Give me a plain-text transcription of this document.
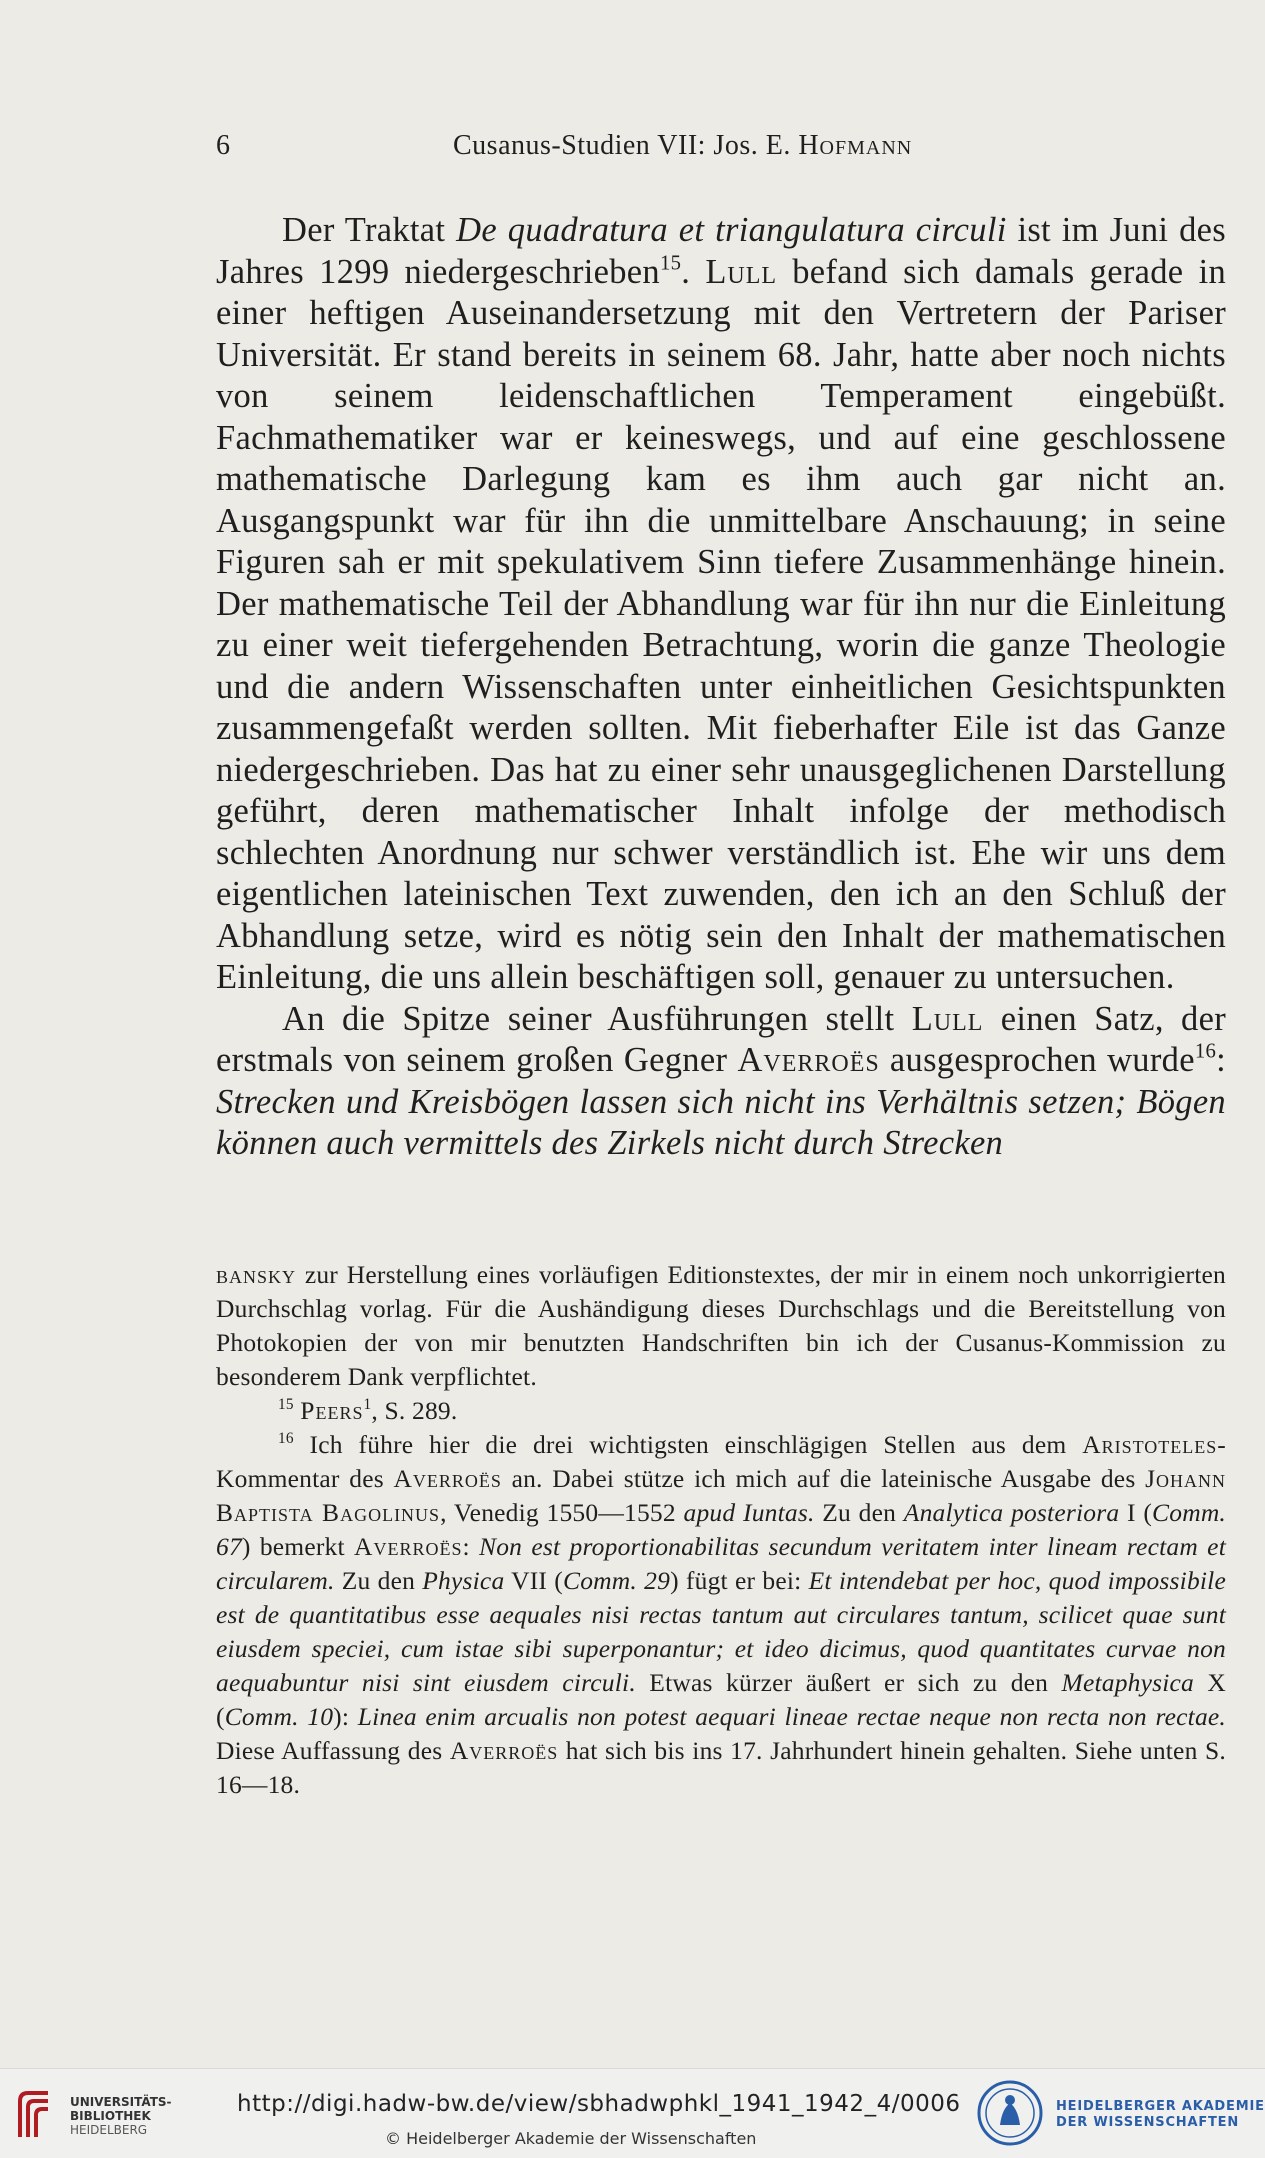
6	Cusanus-Studien VII: Jos. E. Hofmann

Der Traktat De quadratura et triangulatura circuli ist im Juni des Jahres 1299 niedergeschrieben$^{15}$. Lull befand sich damals gerade in einer heftigen Auseinandersetzung mit den Vertretern der Pariser Universität. Er stand bereits in seinem 68. Jahr, hatte aber noch nichts von seinem leidenschaftlichen Temperament eingebüßt. Fachmathematiker war er keineswegs, und auf eine geschlossene mathematische Darlegung kam es ihm auch gar nicht an. Ausgangspunkt war für ihn die unmittelbare Anschauung; in seine Figuren sah er mit spekulativem Sinn tiefere Zusammenhänge hinein. Der mathematische Teil der Abhandlung war für ihn nur die Einleitung zu einer weit tiefergehenden Betrachtung, worin die ganze Theologie und die andern Wissenschaften unter einheitlichen Gesichtspunkten zusammengefaßt werden sollten. Mit fieberhafter Eile ist das Ganze niedergeschrieben. Das hat zu einer sehr unausgeglichenen Darstellung geführt, deren mathematischer Inhalt infolge der methodisch schlechten Anordnung nur schwer verständlich ist. Ehe wir uns dem eigentlichen lateinischen Text zuwenden, den ich an den Schluß der Abhandlung setze, wird es nötig sein den Inhalt der mathematischen Einleitung, die uns allein beschäftigen soll, genauer zu untersuchen.

An die Spitze seiner Ausführungen stellt Lull einen Satz, der erstmals von seinem großen Gegner Averroës ausgesprochen wurde$^{16}$: Strecken und Kreisbögen lassen sich nicht ins Verhältnis setzen; Bögen können auch vermittels des Zirkels nicht durch Strecken

bansky zur Herstellung eines vorläufigen Editionstextes, der mir in einem noch unkorrigierten Durchschlag vorlag. Für die Aushändigung dieses Durchschlags und die Bereitstellung von Photokopien der von mir benutzten Handschriften bin ich der Cusanus-Kommission zu besonderem Dank verpflichtet.

$^{15}$ Peers$^1$, S. 289.

$^{16}$ Ich führe hier die drei wichtigsten einschlägigen Stellen aus dem Aristoteles-Kommentar des Averroës an. Dabei stütze ich mich auf die lateinische Ausgabe des Johann Baptista Bagolinus, Venedig 1550—1552 apud Iuntas. Zu den Analytica posteriora I (Comm. 67) bemerkt Averroës: Non est proportionabilitas secundum veritatem inter lineam rectam et circularem. Zu den Physica VII (Comm. 29) fügt er bei: Et intendebat per hoc, quod impossibile est de quantitatibus esse aequales nisi rectas tantum aut circulares tantum, scilicet quae sunt eiusdem speciei, cum istae sibi superponantur; et ideo dicimus, quod quantitates curvae non aequabuntur nisi sint eiusdem circuli. Etwas kürzer äußert er sich zu den Metaphysica X (Comm. 10): Linea enim arcualis non potest aequari lineae rectae neque non recta non rectae. Diese Auffassung des Averroës hat sich bis ins 17. Jahrhundert hinein gehalten. Siehe unten S. 16—18.

UNIVERSITÄTS-
BIBLIOTHEK
HEIDELBERG
http://digi.hadw-bw.de/view/sbhadwphkl_1941_1942_4/0006
© Heidelberger Akademie der Wissenschaften
HEIDELBERGER AKADEMIE
DER WISSENSCHAFTEN
